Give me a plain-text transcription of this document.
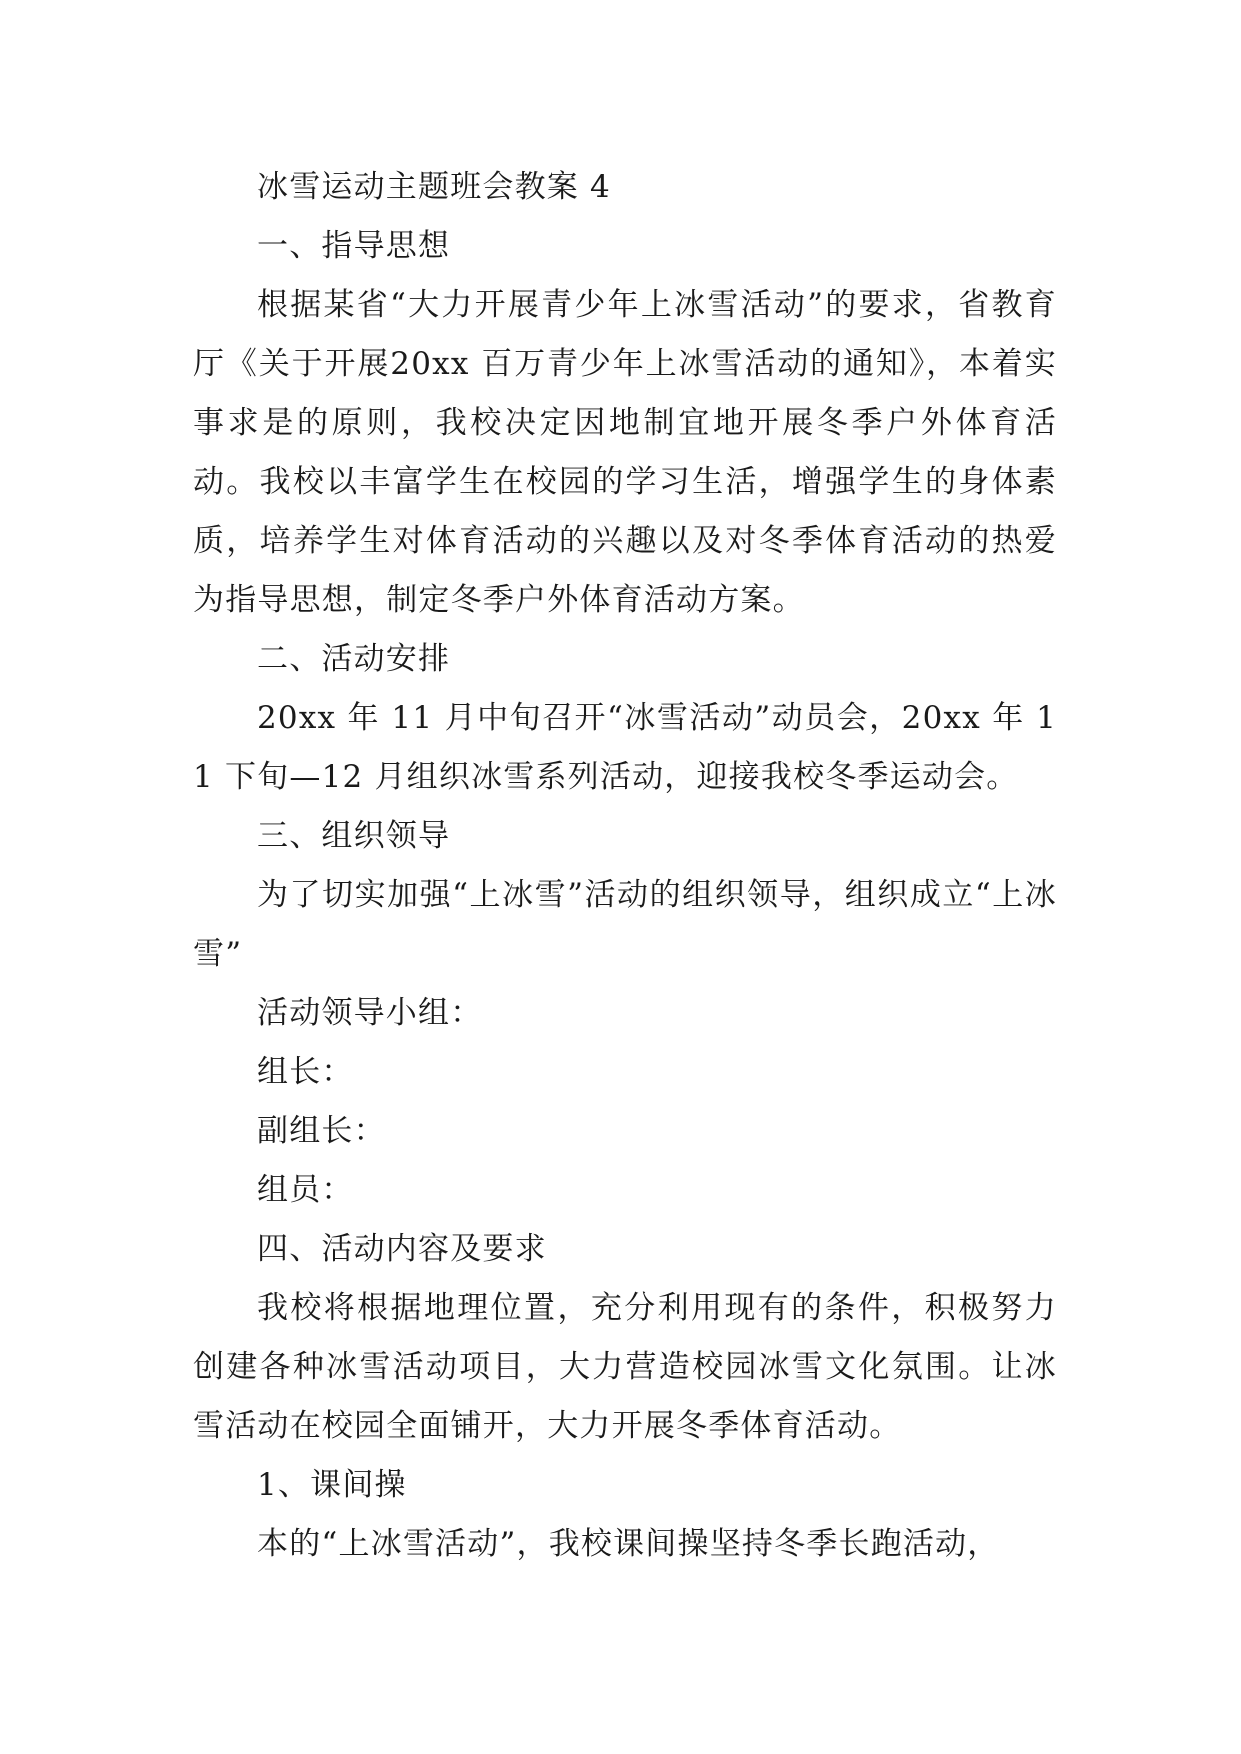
冰雪运动主题班会教案 4

一、指导思想

根据某省“大力开展青少年上冰雪活动”的要求，省教育厅《关于开展20xx 百万青少年上冰雪活动的通知》，本着实事求是的原则，我校决定因地制宜地开展冬季户外体育活动。我校以丰富学生在校园的学习生活，增强学生的身体素质，培养学生对体育活动的兴趣以及对冬季体育活动的热爱为指导思想，制定冬季户外体育活动方案。

二、活动安排

20xx 年 11 月中旬召开“冰雪活动”动员会，20xx 年 11 下旬—12 月组织冰雪系列活动，迎接我校冬季运动会。

三、组织领导

为了切实加强“上冰雪”活动的组织领导，组织成立“上冰雪”

活动领导小组：

组长：

副组长：

组员：

四、活动内容及要求

我校将根据地理位置，充分利用现有的条件，积极努力创建各种冰雪活动项目，大力营造校园冰雪文化氛围。让冰雪活动在校园全面铺开，大力开展冬季体育活动。

1、课间操

本的“上冰雪活动”，我校课间操坚持冬季长跑活动，
